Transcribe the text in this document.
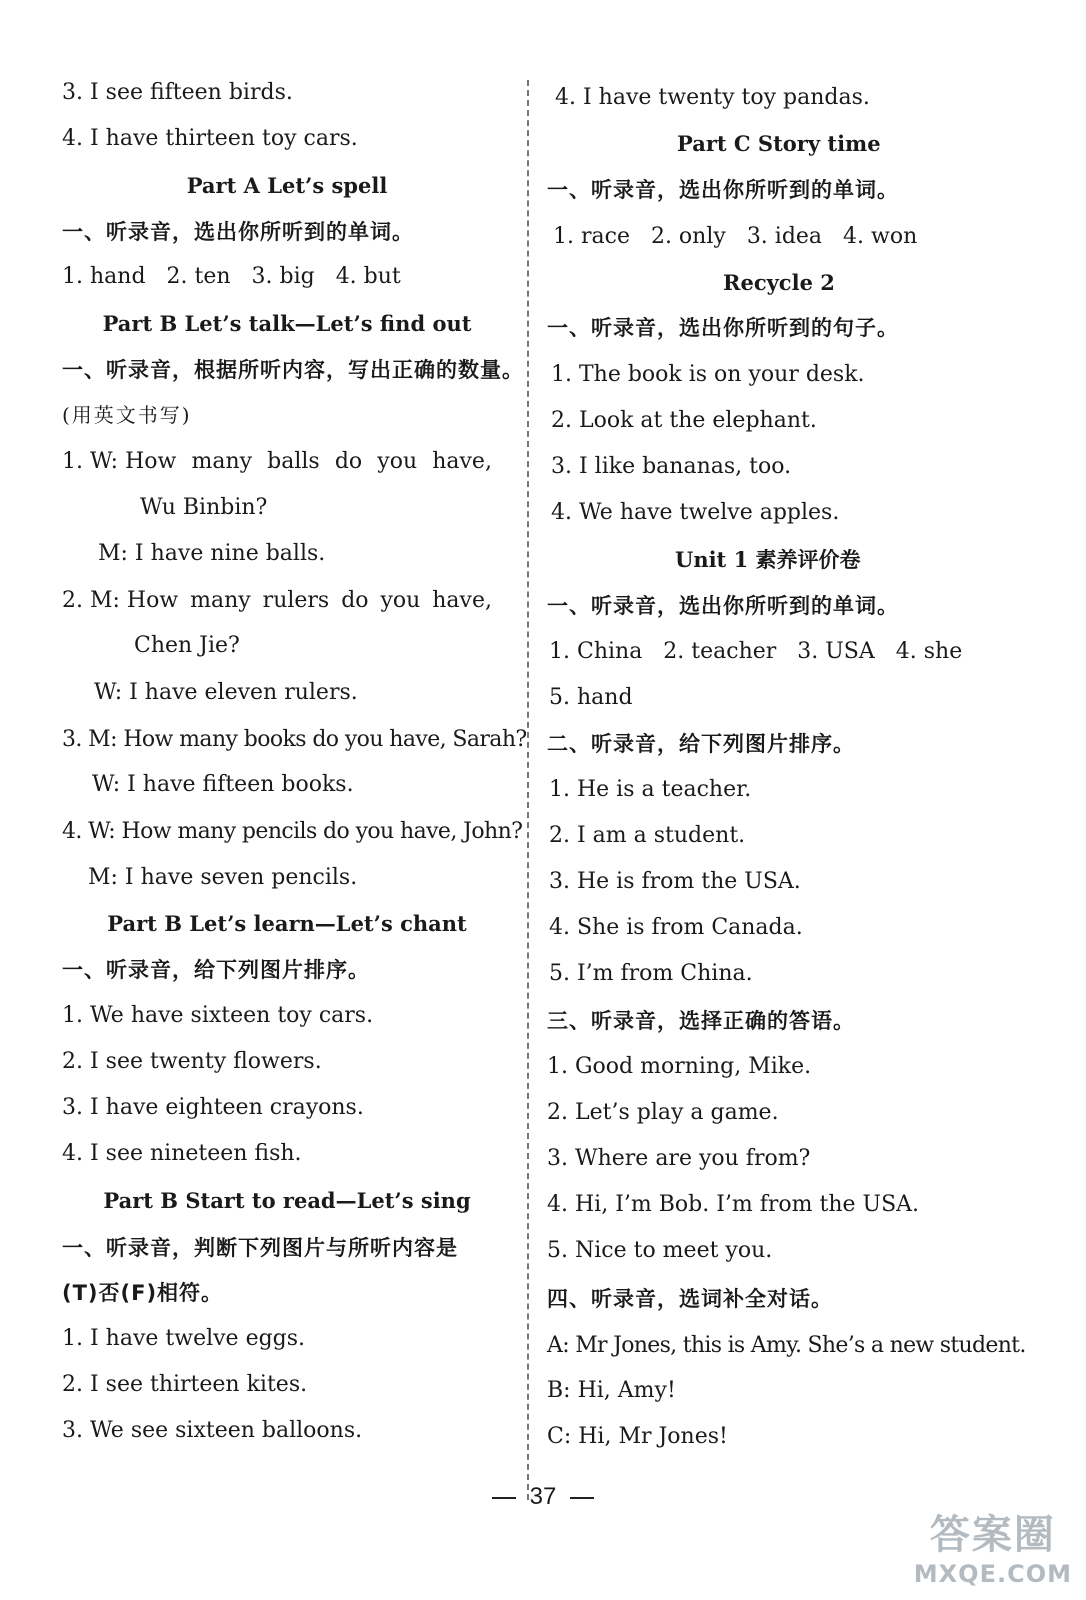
3. I see fifteen birds.
4. I have thirteen toy cars.
Part A Let’s spell
一、听录音，选出你所听到的单词。
1. hand 2. ten 3. big 4. but
Part B Let’s talk—Let’s find out
一、听录音，根据所听内容，写出正确的数量。
(用英文书写)
1. W: How many balls do you have,
Wu Binbin?
M: I have nine balls.
2. M: How many rulers do you have,
Chen Jie?
W: I have eleven rulers.
3. M: How many books do you have, Sarah?
W: I have fifteen books.
4. W: How many pencils do you have, John?
M: I have seven pencils.
Part B Let’s learn—Let’s chant
一、听录音，给下列图片排序。
1. We have sixteen toy cars.
2. I see twenty flowers.
3. I have eighteen crayons.
4. I see nineteen fish.
Part B Start to read—Let’s sing
一、听录音，判断下列图片与所听内容是
(T)否(F)相符。
1. I have twelve eggs.
2. I see thirteen kites.
3. We see sixteen balloons.
4. I have twenty toy pandas.
Part C Story time
一、听录音，选出你所听到的单词。
1. race 2. only 3. idea 4. won
Recycle 2
一、听录音，选出你所听到的句子。
1. The book is on your desk.
2. Look at the elephant.
3. I like bananas, too.
4. We have twelve apples.
Unit 1 素养评价卷
一、听录音，选出你所听到的单词。
1. China 2. teacher 3. USA 4. she
5. hand
二、听录音，给下列图片排序。
1. He is a teacher.
2. I am a student.
3. He is from the USA.
4. She is from Canada.
5. I’m from China.
三、听录音，选择正确的答语。
1. Good morning, Mike.
2. Let’s play a game.
3. Where are you from?
4. Hi, I’m Bob. I’m from the USA.
5. Nice to meet you.
四、听录音，选词补全对话。
A: Mr Jones, this is Amy. She’s a new student.
B: Hi, Amy!
C: Hi, Mr Jones!
37
答案圈
MXQE.COM
